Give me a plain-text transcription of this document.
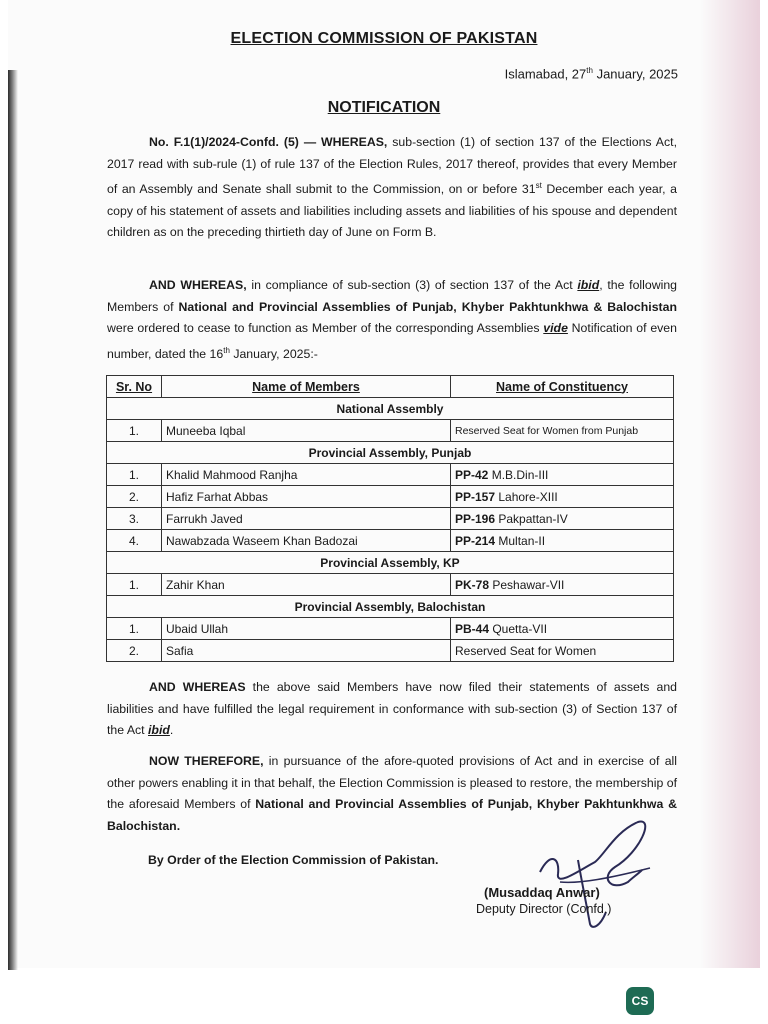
ELECTION COMMISSION OF PAKISTAN
Islamabad, 27th January, 2025
NOTIFICATION
No. F.1(1)/2024-Confd. (5) — WHEREAS, sub-section (1) of section 137 of the Elections Act, 2017 read with sub-rule (1) of rule 137 of the Election Rules, 2017 thereof, provides that every Member of an Assembly and Senate shall submit to the Commission, on or before 31st December each year, a copy of his statement of assets and liabilities including assets and liabilities of his spouse and dependent children as on the preceding thirtieth day of June on Form B.
AND WHEREAS, in compliance of sub-section (3) of section 137 of the Act ibid, the following Members of National and Provincial Assemblies of Punjab, Khyber Pakhtunkhwa & Balochistan were ordered to cease to function as Member of the corresponding Assemblies vide Notification of even number, dated the 16th January, 2025:-
Sr. No	Name of Members	Name of Constituency
National Assembly		
1.	Muneeba Iqbal	Reserved Seat for Women from Punjab
Provincial Assembly, Punjab		
1.	Khalid Mahmood Ranjha	PP-42 M.B.Din-III
2.	Hafiz Farhat Abbas	PP-157 Lahore-XIII
3.	Farrukh Javed	PP-196 Pakpattan-IV
4.	Nawabzada Waseem Khan Badozai	PP-214 Multan-II
Provincial Assembly, KP		
1.	Zahir Khan	PK-78 Peshawar-VII
Provincial Assembly, Balochistan		
1.	Ubaid Ullah	PB-44 Quetta-VII
2.	Safia	Reserved Seat for Women
AND WHEREAS the above said Members have now filed their statements of assets and liabilities and have fulfilled the legal requirement in conformance with sub-section (3) of Section 137 of the Act ibid.
NOW THEREFORE, in pursuance of the afore-quoted provisions of Act and in exercise of all other powers enabling it in that behalf, the Election Commission is pleased to restore, the membership of the aforesaid Members of National and Provincial Assemblies of Punjab, Khyber Pakhtunkhwa & Balochistan.
By Order of the Election Commission of Pakistan.
(Musaddaq Anwar)
Deputy Director (Confd.)
CS
